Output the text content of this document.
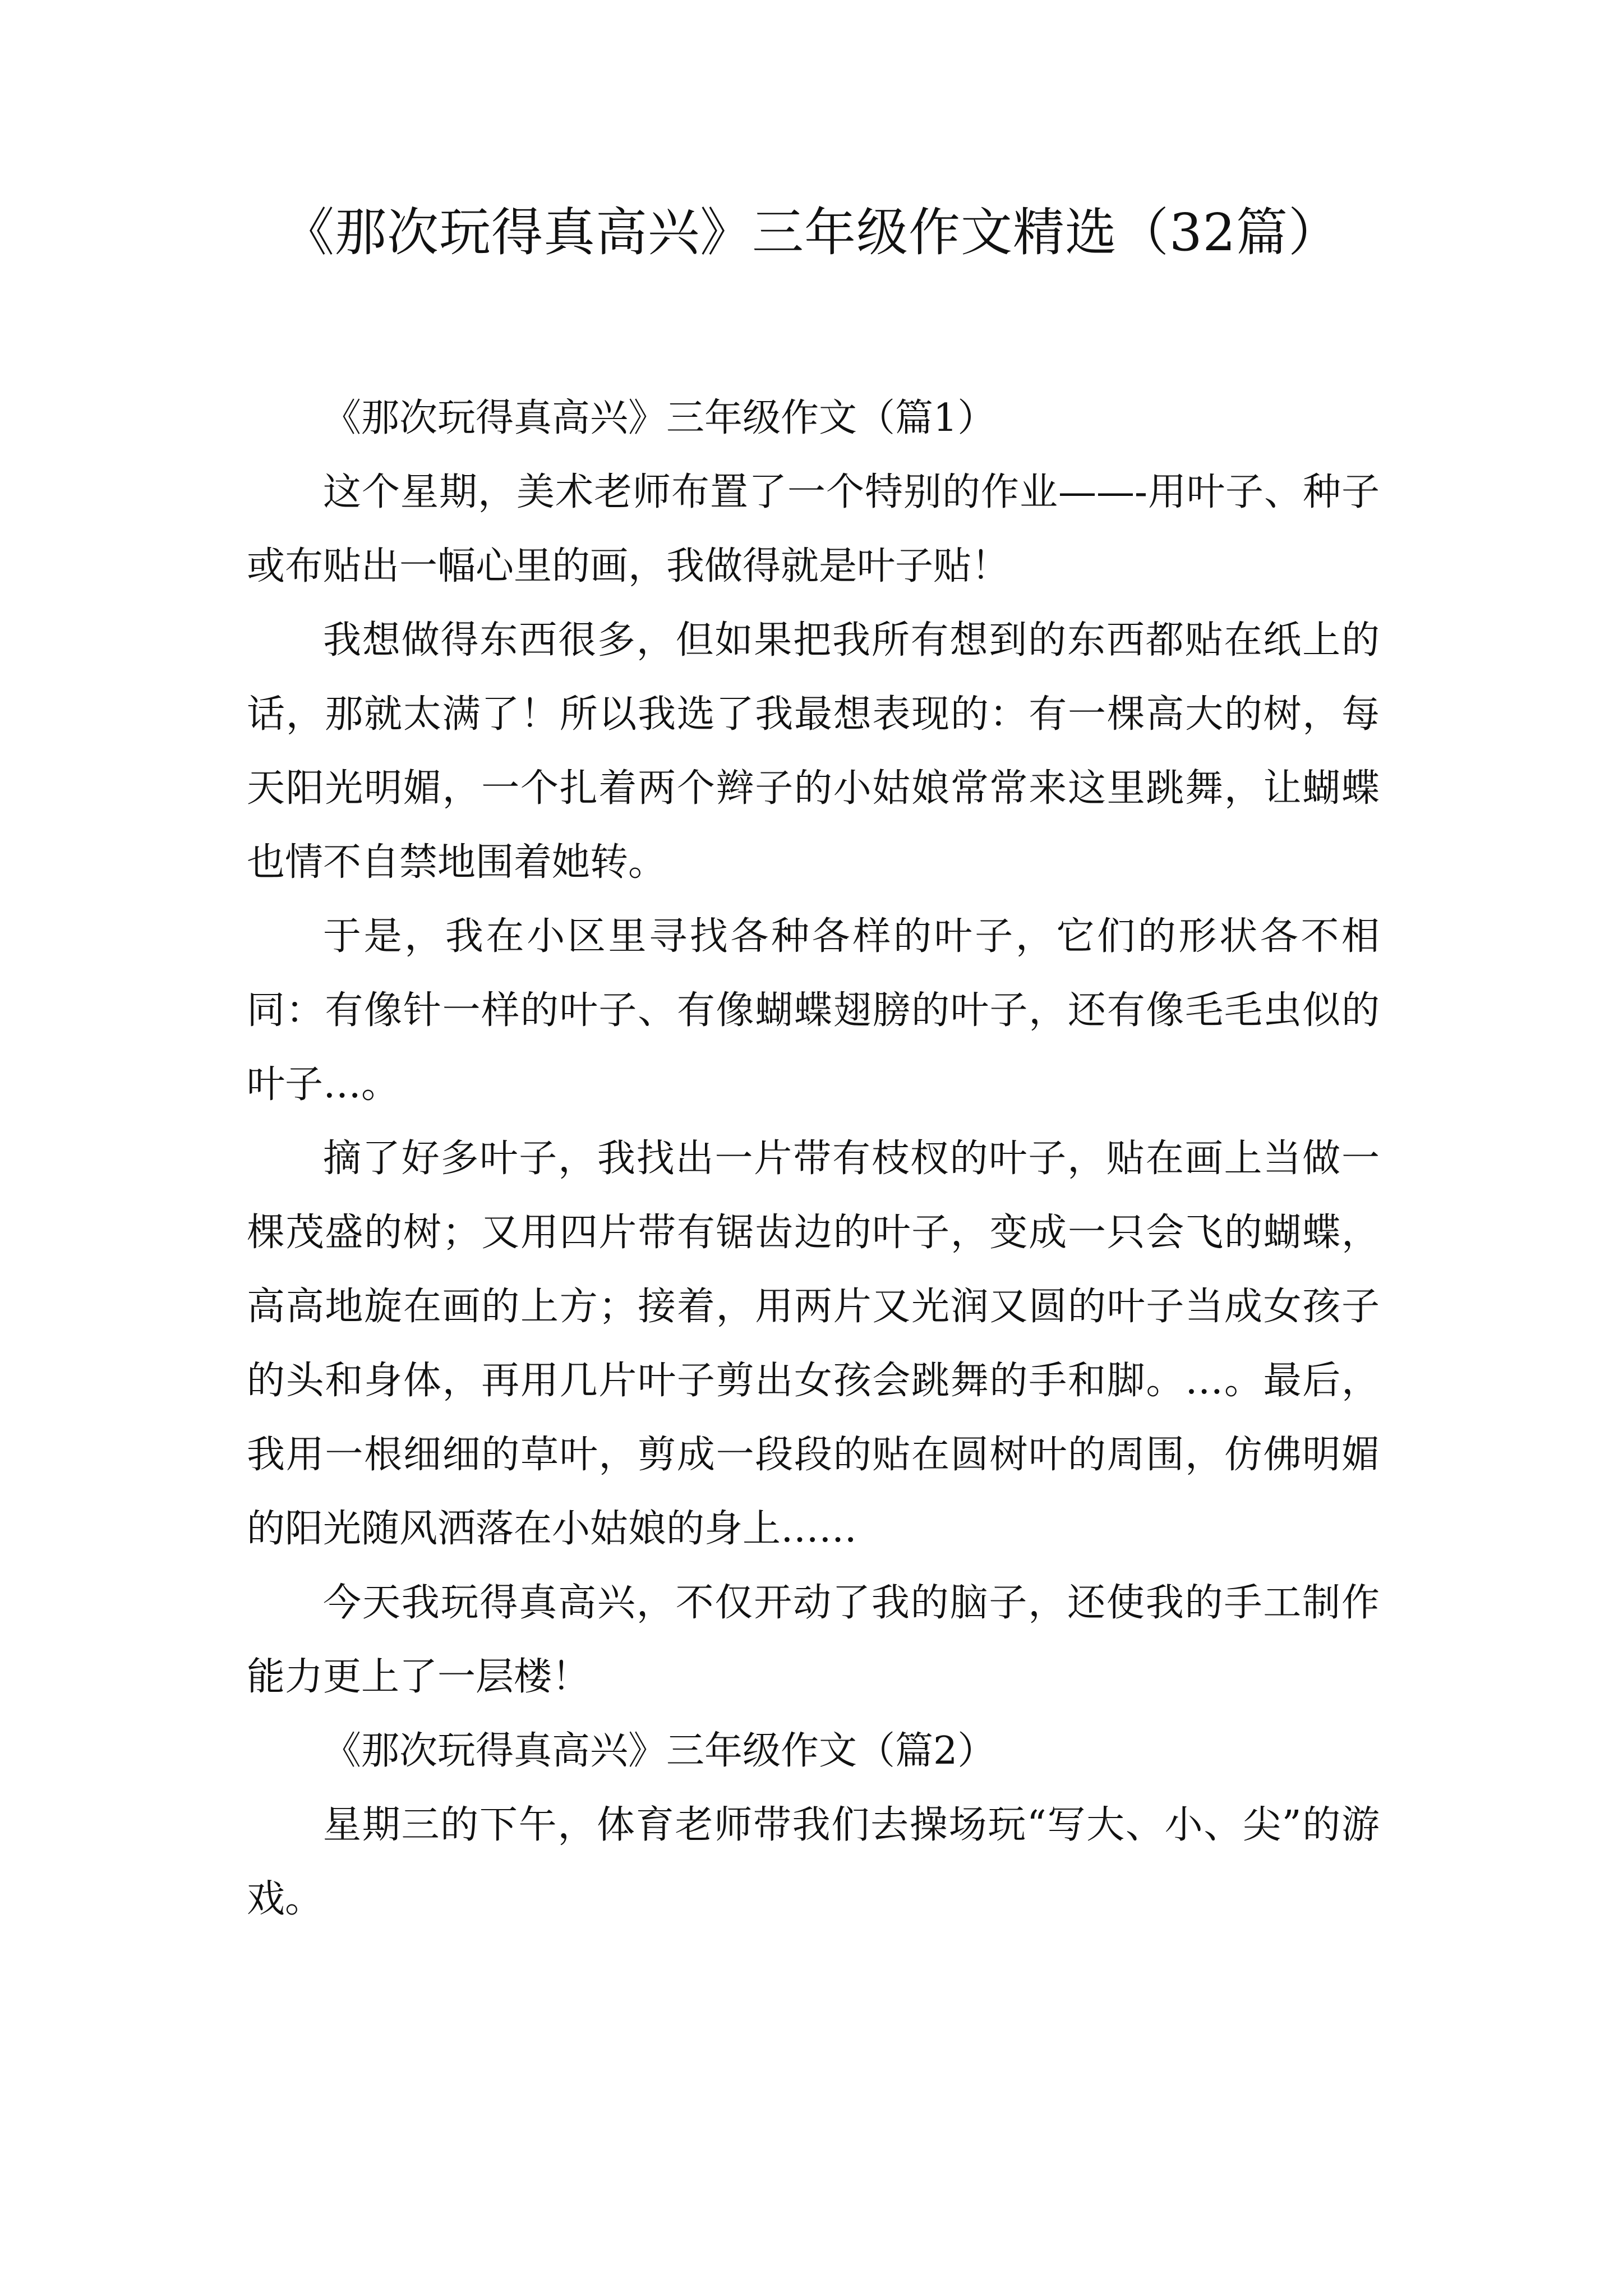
《那次玩得真高兴》三年级作文精选（32篇）

《那次玩得真高兴》三年级作文（篇1）

这个星期，美术老师布置了一个特别的作业——-用叶子、种子或布贴出一幅心里的画，我做得就是叶子贴！

我想做得东西很多，但如果把我所有想到的东西都贴在纸上的话，那就太满了！所以我选了我最想表现的：有一棵高大的树，每天阳光明媚，一个扎着两个辫子的小姑娘常常来这里跳舞，让蝴蝶也情不自禁地围着她转。

于是，我在小区里寻找各种各样的叶子，它们的形状各不相同：有像针一样的叶子、有像蝴蝶翅膀的叶子，还有像毛毛虫似的叶子…。

摘了好多叶子，我找出一片带有枝杈的叶子，贴在画上当做一棵茂盛的树；又用四片带有锯齿边的叶子，变成一只会飞的蝴蝶，高高地旋在画的上方；接着，用两片又光润又圆的叶子当成女孩子的头和身体，再用几片叶子剪出女孩会跳舞的手和脚。…。最后，我用一根细细的草叶，剪成一段段的贴在圆树叶的周围，仿佛明媚的阳光随风洒落在小姑娘的身上……

今天我玩得真高兴，不仅开动了我的脑子，还使我的手工制作能力更上了一层楼！

《那次玩得真高兴》三年级作文（篇2）

星期三的下午，体育老师带我们去操场玩“写大、小、尖”的游戏。
